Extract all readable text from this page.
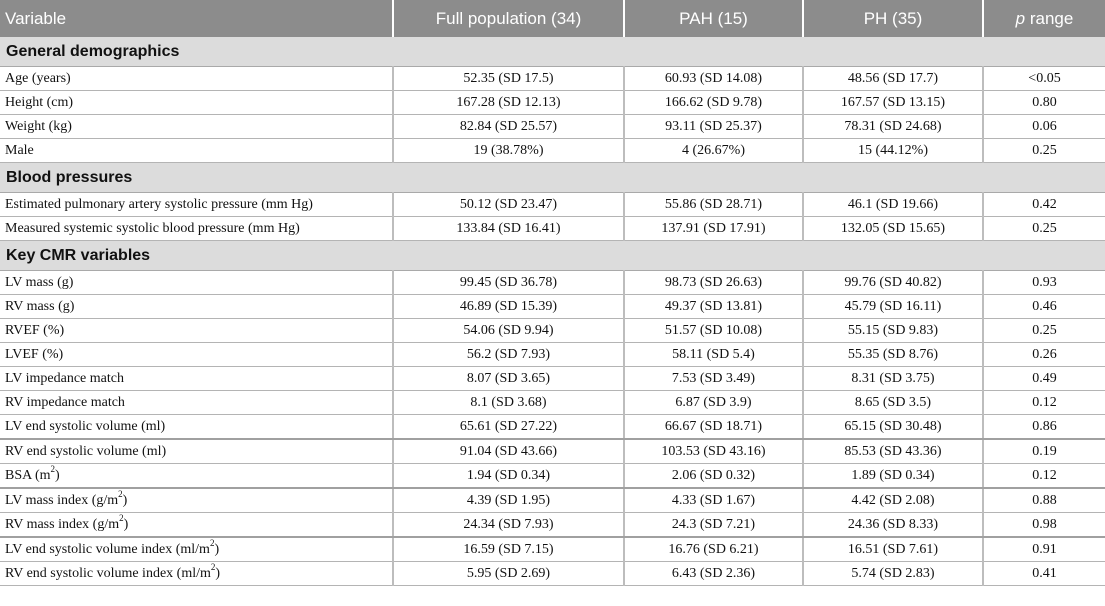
Variable	Full population (34)	PAH (15)	PH (35)	p range
General demographics				
Age (years)	52.35 (SD 17.5)	60.93 (SD 14.08)	48.56 (SD 17.7)	<0.05
Height (cm)	167.28 (SD 12.13)	166.62 (SD 9.78)	167.57 (SD 13.15)	0.80
Weight (kg)	82.84 (SD 25.57)	93.11 (SD 25.37)	78.31 (SD 24.68)	0.06
Male	19 (38.78%)	4 (26.67%)	15 (44.12%)	0.25
Blood pressures				
Estimated pulmonary artery systolic pressure (mm Hg)	50.12 (SD 23.47)	55.86 (SD 28.71)	46.1 (SD 19.66)	0.42
Measured systemic systolic blood pressure (mm Hg)	133.84 (SD 16.41)	137.91 (SD 17.91)	132.05 (SD 15.65)	0.25
Key CMR variables				
LV mass (g)	99.45 (SD 36.78)	98.73 (SD 26.63)	99.76 (SD 40.82)	0.93
RV mass (g)	46.89 (SD 15.39)	49.37 (SD 13.81)	45.79 (SD 16.11)	0.46
RVEF (%)	54.06 (SD 9.94)	51.57 (SD 10.08)	55.15 (SD 9.83)	0.25
LVEF (%)	56.2 (SD 7.93)	58.11 (SD 5.4)	55.35 (SD 8.76)	0.26
LV impedance match	8.07 (SD 3.65)	7.53 (SD 3.49)	8.31 (SD 3.75)	0.49
RV impedance match	8.1 (SD 3.68)	6.87 (SD 3.9)	8.65 (SD 3.5)	0.12
LV end systolic volume (ml)	65.61 (SD 27.22)	66.67 (SD 18.71)	65.15 (SD 30.48)	0.86
RV end systolic volume (ml)	91.04 (SD 43.66)	103.53 (SD 43.16)	85.53 (SD 43.36)	0.19
BSA $(m^2)$	1.94 (SD 0.34)	2.06 (SD 0.32)	1.89 (SD 0.34)	0.12
LV mass index $(g/m^2)$	4.39 (SD 1.95)	4.33 (SD 1.67)	4.42 (SD 2.08)	0.88
RV mass index $(g/m^2)$	24.34 (SD 7.93)	24.3 (SD 7.21)	24.36 (SD 8.33)	0.98
LV end systolic volume index $(ml/m^2)$	16.59 (SD 7.15)	16.76 (SD 6.21)	16.51 (SD 7.61)	0.91
RV end systolic volume index $(ml/m^2)$	5.95 (SD 2.69)	6.43 (SD 2.36)	5.74 (SD 2.83)	0.41
